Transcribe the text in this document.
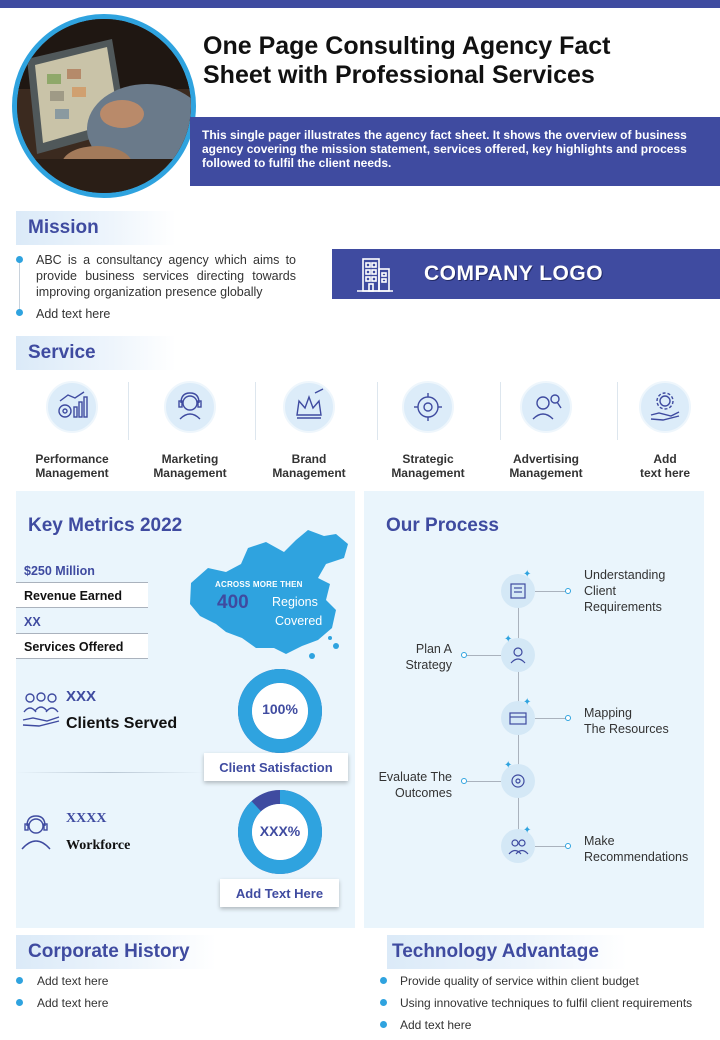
One Page Consulting Agency Fact
Sheet with Professional Services
This single pager illustrates the agency fact sheet. It shows the overview of business agency covering the mission statement, services offered, key highlights and process followed to fulfil the client needs.
Mission
ABC is a consultancy agency which aims to provide business services directing towards improving organization presence globally
Add text here
COMPANY LOGO
Service
Performance
Management
Marketing
Management
Brand
Management
Strategic
Management
Advertising
Management
Add
text here
Key Metrics 2022
$250 Million
Revenue Earned
XX
Services Offered
ACROSS MORE THEN
400 Regions
Covered
XXX
Clients Served
100%
Client Satisfaction
XXXX
Workforce
XXX%
Add Text Here
Our Process
✦	Understanding
Client
Requirements
✦
Plan A
Strategy
✦
Mapping
The Resources
✦
Evaluate The
Outcomes
✦
Make
Recommendations
Corporate History
Add text here
Add text here
Technology Advantage
Provide quality of service within client budget
Using innovative techniques to fulfil client requirements
Add text here
